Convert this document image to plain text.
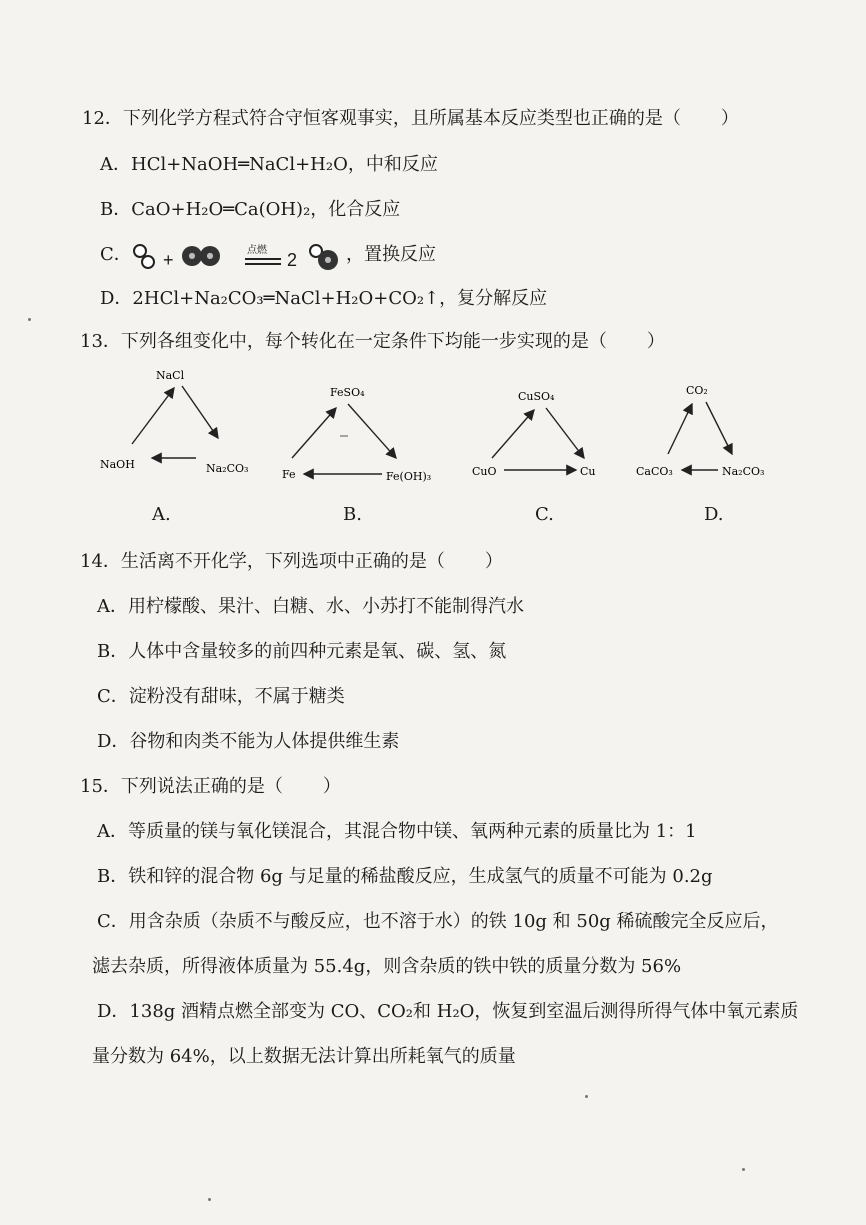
12．下列化学方程式符合守恒客观事实，且所属基本反应类型也正确的是（ ）
A．HCl+NaOH═NaCl+H₂O，中和反应
B．CaO+H₂O═Ca(OH)₂，化合反应
C． +	●	●	点燃 2	● ，置换反应
D．2HCl+Na₂CO₃═NaCl+H₂O+CO₂↑，复分解反应
13．下列各组变化中，每个转化在一定条件下均能一步实现的是（ ）
NaCl
NaOH	Na₂CO₃
FeSO₄
Fe	Fe(OH)₃
CuSO₄
CuO	Cu
CO₂
CaCO₃	Na₂CO₃
A.	B.	C.	D.
14．生活离不开化学，下列选项中正确的是（ ）
A．用柠檬酸、果汁、白糖、水、小苏打不能制得汽水
B．人体中含量较多的前四种元素是氧、碳、氢、氮
C．淀粉没有甜味，不属于糖类
D．谷物和肉类不能为人体提供维生素
15．下列说法正确的是（ ）
A．等质量的镁与氧化镁混合，其混合物中镁、氧两种元素的质量比为 1：1
B．铁和锌的混合物 6g 与足量的稀盐酸反应，生成氢气的质量不可能为 0.2g
C．用含杂质（杂质不与酸反应，也不溶于水）的铁 10g 和 50g 稀硫酸完全反应后，
滤去杂质，所得液体质量为 55.4g，则含杂质的铁中铁的质量分数为 56%
D．138g 酒精点燃全部变为 CO、CO₂和 H₂O，恢复到室温后测得所得气体中氧元素质
量分数为 64%，以上数据无法计算出所耗氧气的质量
